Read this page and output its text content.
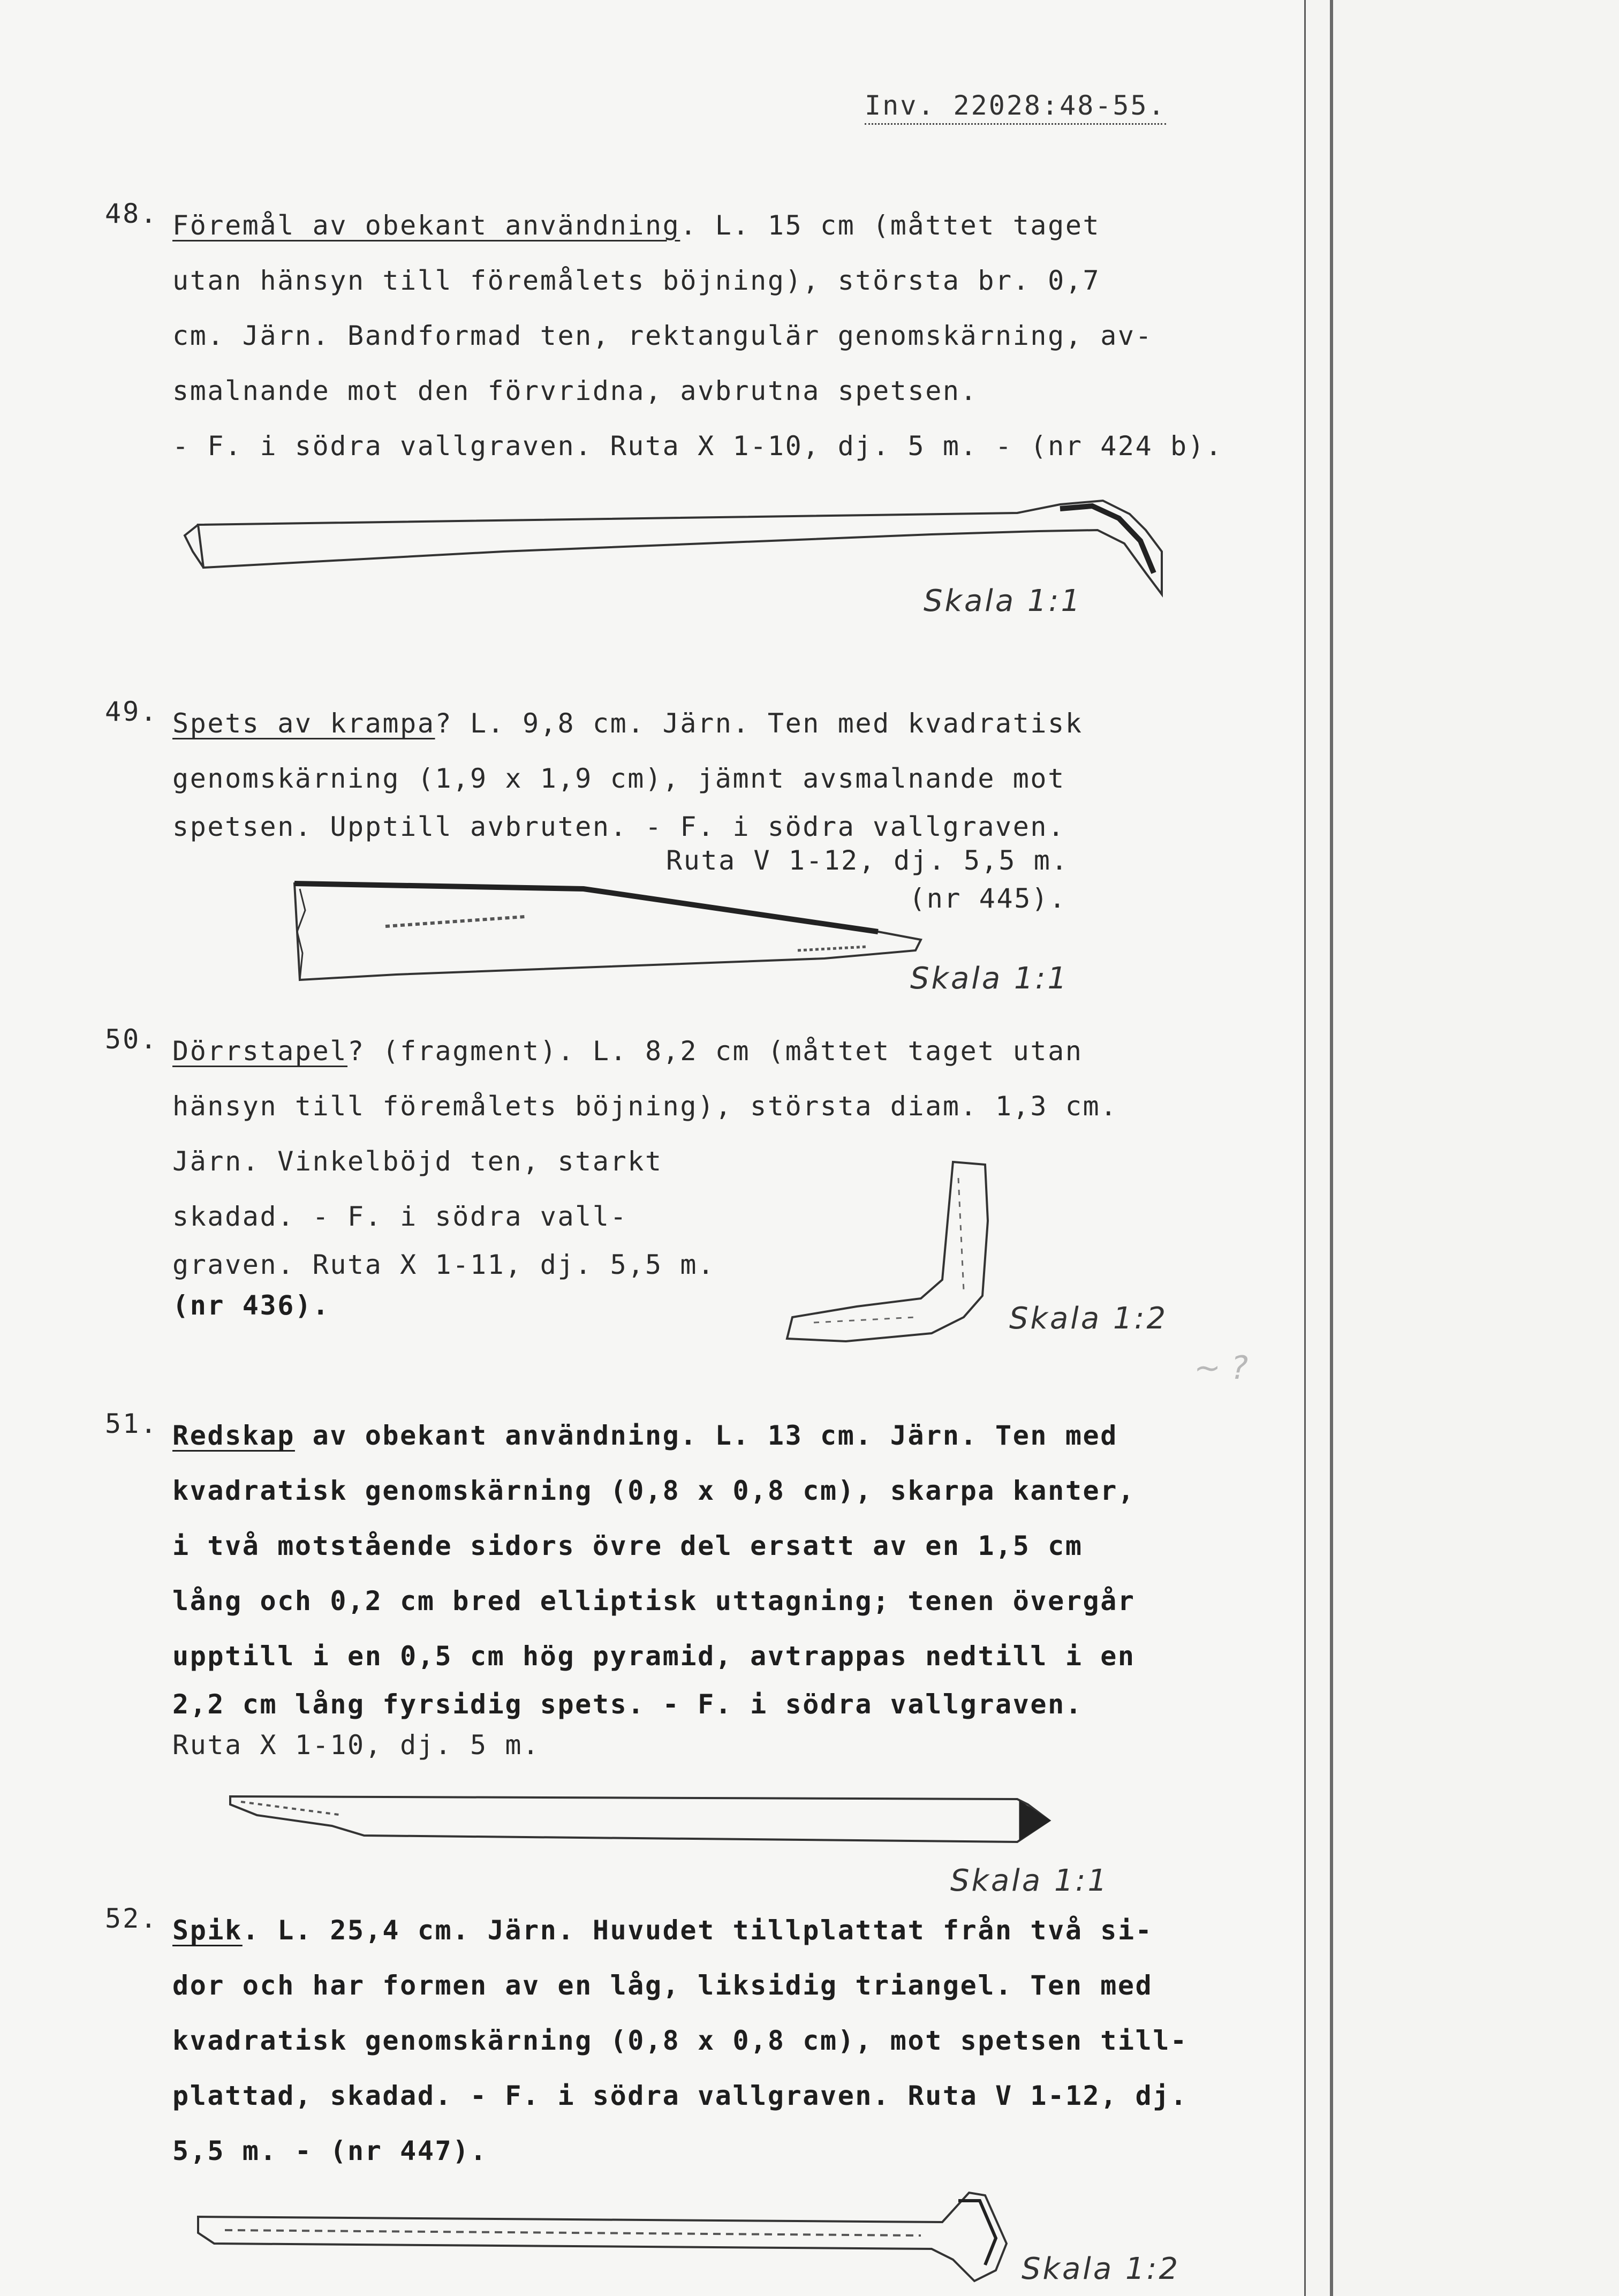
Inv. 22028:48-55.
48. Föremål av obekant användning. L. 15 cm (måttet taget
utan hänsyn till föremålets böjning), största br. 0,7
cm. Järn. Bandformad ten, rektangulär genomskärning, av-
smalnande mot den förvridna, avbrutna spetsen.
- F. i södra vallgraven. Ruta X 1-10, dj. 5 m. - (nr 424 b).
Skala 1:1
49. Spets av krampa? L. 9,8 cm. Järn. Ten med kvadratisk
genomskärning (1,9 x 1,9 cm), jämnt avsmalnande mot
spetsen. Upptill avbruten. - F. i södra vallgraven.
Ruta V 1-12, dj. 5,5 m.
(nr 445).
Skala 1:1
50. Dörrstapel? (fragment). L. 8,2 cm (måttet taget utan
hänsyn till föremålets böjning), största diam. 1,3 cm.
Järn. Vinkelböjd ten, starkt
skadad. - F. i södra vall-
graven. Ruta X 1-11, dj. 5,5 m.
(nr 436).	Skala 1:2
~ ?
51. Redskap av obekant användning. L. 13 cm. Järn. Ten med
kvadratisk genomskärning (0,8 x 0,8 cm), skarpa kanter,
i två motstående sidors övre del ersatt av en 1,5 cm
lång och 0,2 cm bred elliptisk uttagning; tenen övergår
upptill i en 0,5 cm hög pyramid, avtrappas nedtill i en
2,2 cm lång fyrsidig spets. - F. i södra vallgraven.
Ruta X 1-10, dj. 5 m.
Skala 1:1
52. Spik. L. 25,4 cm. Järn. Huvudet tillplattat från två si-
dor och har formen av en låg, liksidig triangel. Ten med
kvadratisk genomskärning (0,8 x 0,8 cm), mot spetsen till-
plattad, skadad. - F. i södra vallgraven. Ruta V 1-12, dj.
5,5 m. - (nr 447).
Skala 1:2
